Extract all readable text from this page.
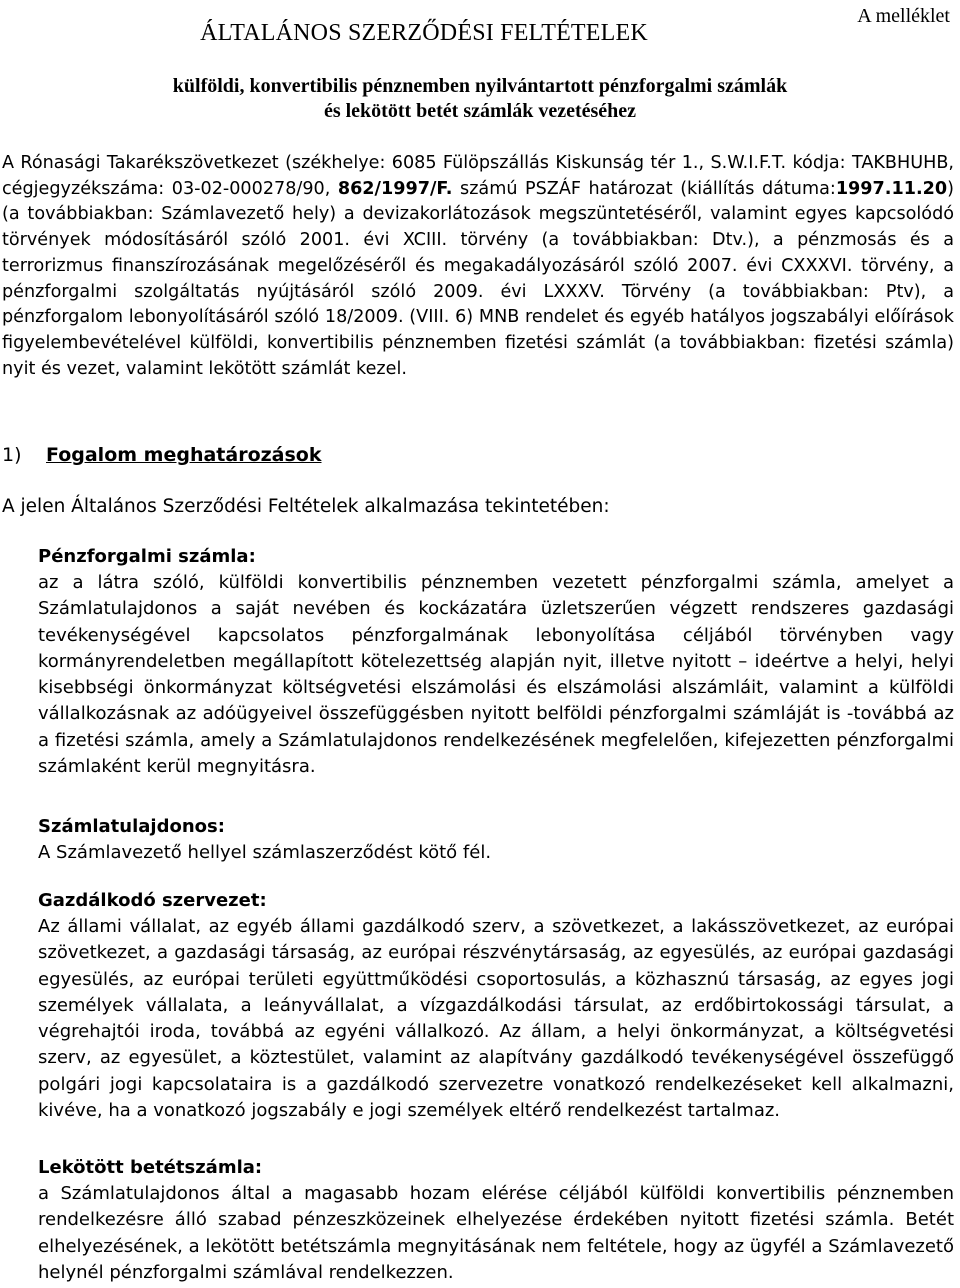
A melléklet
ÁLTALÁNOS SZERZŐDÉSI FELTÉTELEK
külföldi, konvertibilis pénznemben nyilvántartott pénzforgalmi számlák
és lekötött betét számlák vezetéséhez
A Rónasági Takarékszövetkezet (székhelye: 6085 Fülöpszállás Kiskunság tér 1., S.W.I.F.T. kódja: TAKBHUHB, cégjegyzékszáma: 03-02-000278/90, 862/1997/F. számú PSZÁF határozat (kiállítás dátuma:1997.11.20) (a továbbiakban: Számlavezető hely) a devizakorlátozások megszüntetéséről, valamint egyes kapcsolódó törvények módosításáról szóló 2001. évi XCIII. törvény (a továbbiakban: Dtv.), a pénzmosás és a terrorizmus finanszírozásának megelőzéséről és megakadályozásáról szóló 2007. évi CXXXVI. törvény, a pénzforgalmi szolgáltatás nyújtásáról szóló 2009. évi LXXXV. Törvény (a továbbiakban: Ptv), a pénzforgalom lebonyolításáról szóló 18/2009. (VIII. 6) MNB rendelet és egyéb hatályos jogszabályi előírások figyelembevételével külföldi, konvertibilis pénznemben fizetési számlát (a továbbiakban: fizetési számla) nyit és vezet, valamint lekötött számlát kezel.
1) Fogalom meghatározások
A jelen Általános Szerződési Feltételek alkalmazása tekintetében:
Pénzforgalmi számla:
az a látra szóló, külföldi konvertibilis pénznemben vezetett pénzforgalmi számla, amelyet a Számlatulajdonos a saját nevében és kockázatára üzletszerűen végzett rendszeres gazdasági tevékenységével kapcsolatos pénzforgalmának lebonyolítása céljából törvényben vagy kormányrendeletben megállapított kötelezettség alapján nyit, illetve nyitott – ideértve a helyi, helyi kisebbségi önkormányzat költségvetési elszámolási és elszámolási alszámláit, valamint a külföldi vállalkozásnak az adóügyeivel összefüggésben nyitott belföldi pénzforgalmi számláját is -továbbá az a fizetési számla, amely a Számlatulajdonos rendelkezésének megfelelően, kifejezetten pénzforgalmi számlaként kerül megnyitásra.
Számlatulajdonos:
A Számlavezető hellyel számlaszerződést kötő fél.
Gazdálkodó szervezet:
Az állami vállalat, az egyéb állami gazdálkodó szerv, a szövetkezet, a lakásszövetkezet, az európai szövetkezet, a gazdasági társaság, az európai részvénytársaság, az egyesülés, az európai gazdasági egyesülés, az európai területi együttműködési csoportosulás, a közhasznú társaság, az egyes jogi személyek vállalata, a leányvállalat, a vízgazdálkodási társulat, az erdőbirtokossági társulat, a végrehajtói iroda, továbbá az egyéni vállalkozó. Az állam, a helyi önkormányzat, a költségvetési szerv, az egyesület, a köztestület, valamint az alapítvány gazdálkodó tevékenységével összefüggő polgári jogi kapcsolataira is a gazdálkodó szervezetre vonatkozó rendelkezéseket kell alkalmazni, kivéve, ha a vonatkozó jogszabály e jogi személyek eltérő rendelkezést tartalmaz.
Lekötött betétszámla:
a Számlatulajdonos által a magasabb hozam elérése céljából külföldi konvertibilis pénznemben rendelkezésre álló szabad pénzeszközeinek elhelyezése érdekében nyitott fizetési számla. Betét elhelyezésének, a lekötött betétszámla megnyitásának nem feltétele, hogy az ügyfél a Számlavezető helynél pénzforgalmi számlával rendelkezzen.
